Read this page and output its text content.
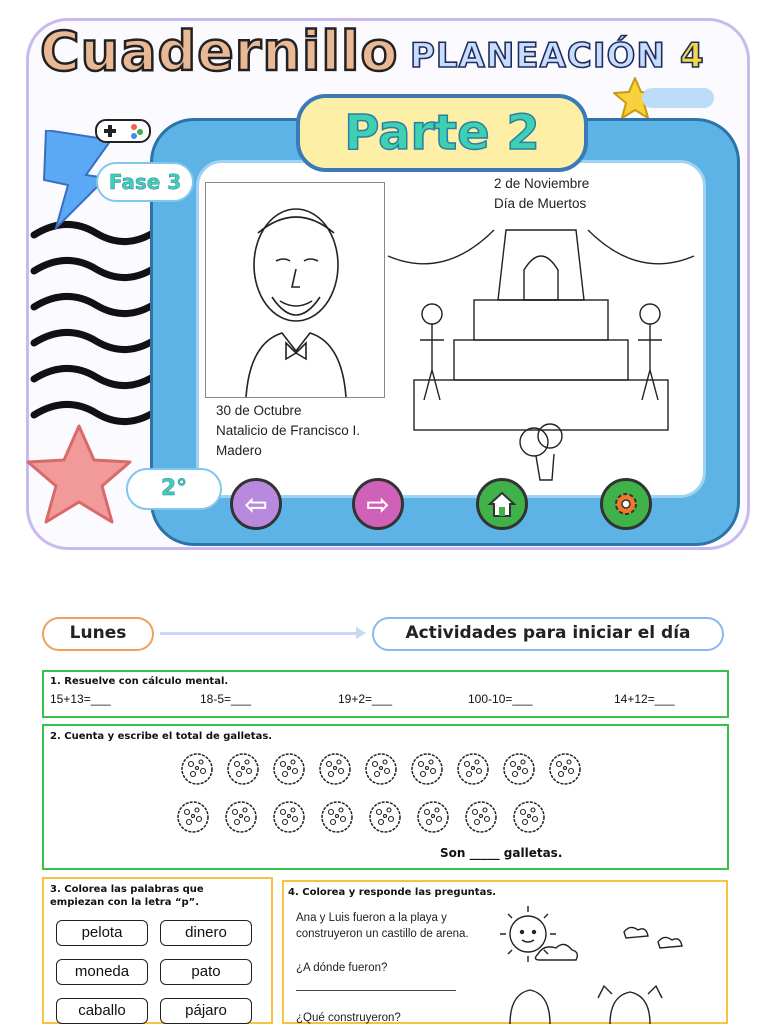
Cuadernillo PLANEACIÓN 4
Parte 2
Fase 3	2 de Noviembre
Día de Muertos
30 de Octubre
Natalicio de Francisco I.
Madero
2°	⇦	⇨
Lunes	Actividades para iniciar el día
1. Resuelve con cálculo mental.
15+13=___	18-5=___	19+2=___	100-10=___	14+12=___
2. Cuenta y escribe el total de galletas.
Son _____ galletas.
3. Colorea las palabras que
empiezan con la letra “p”.
pelota	dinero
moneda	pato
caballo	pájaro
4. Colorea y responde las preguntas.
Ana y Luis fueron a la playa y
construyeron un castillo de arena.
¿A dónde fueron?
¿Qué construyeron?
